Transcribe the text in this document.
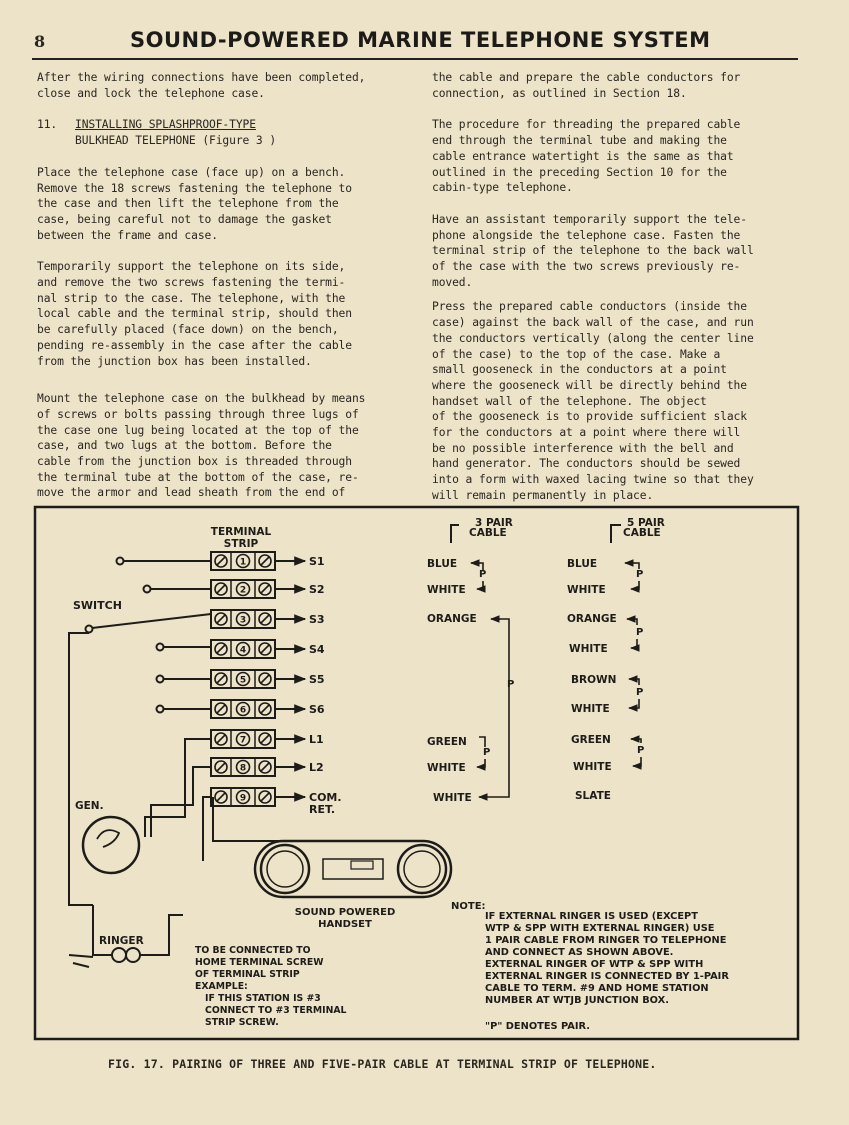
8	SOUND-POWERED MARINE TELEPHONE SYSTEM

After the wiring connections have been completed,

close and lock the telephone case.

11. INSTALLING SPLASHPROOF-TYPE

BULKHEAD TELEPHONE (Figure 3 )

Place the telephone case (face up) on a bench.

Remove the 18 screws fastening the telephone to

the case and then lift the telephone from the

case, being careful not to damage the gasket

between the frame and case.

Temporarily support the telephone on its side,

and remove the two screws fastening the termi-

nal strip to the case. The telephone, with the

local cable and the terminal strip, should then

be carefully placed (face down) on the bench,

pending re-assembly in the case after the cable

from the junction box has been installed.

Mount the telephone case on the bulkhead by means

of screws or bolts passing through three lugs of

the case one lug being located at the top of the

case, and two lugs at the bottom. Before the

cable from the junction box is threaded through

the terminal tube at the bottom of the case, re-

move the armor and lead sheath from the end of

the cable and prepare the cable conductors for

connection, as outlined in Section 18.

The procedure for threading the prepared cable

end through the terminal tube and making the

cable entrance watertight is the same as that

outlined in the preceding Section 10 for the

cabin-type telephone.

Have an assistant temporarily support the tele-

phone alongside the telephone case. Fasten the

terminal strip of the telephone to the back wall

of the case with the two screws previously re-

moved.

Press the prepared cable conductors (inside the

case) against the back wall of the case, and run

the conductors vertically (along the center line

of the case) to the top of the case. Make a

small gooseneck in the conductors at a point

where the gooseneck will be directly behind the

handset wall of the telephone. The object

of the gooseneck is to provide sufficient slack

for the conductors at a point where there will

be no possible interference with the bell and

hand generator. The conductors should be sewed

into a form with waxed lacing twine so that they

will remain permanently in place.

TERMINAL
STRIP
1	S1
2	S2
3	S3
4	S4
5	S5
6	S6
7	L1
8	L2
9	COM.
RET.
GEN.
SWITCH
RINGER
SOUND POWERED
HANDSET
TO BE CONNECTED TO
HOME TERMINAL SCREW
OF TERMINAL STRIP
EXAMPLE:
IF THIS STATION IS #3
CONNECT TO #3 TERMINAL
STRIP SCREW.
3 PAIR
CABLE
BLUE
WHITE
ORANGE
GREEN
WHITE
WHITE
P
P
P
5 PAIR
CABLE
BLUE
WHITE
ORANGE
WHITE
BROWN
WHITE
GREEN
WHITE
SLATE
P
P
P
P
NOTE:
IF EXTERNAL RINGER IS USED (EXCEPT
WTP & SPP WITH EXTERNAL RINGER) USE
1 PAIR CABLE FROM RINGER TO TELEPHONE
AND CONNECT AS SHOWN ABOVE.
EXTERNAL RINGER OF WTP & SPP WITH
EXTERNAL RINGER IS CONNECTED BY 1-PAIR
CABLE TO TERM. #9 AND HOME STATION
NUMBER AT WTJB JUNCTION BOX.
"P" DENOTES PAIR.
FIG. 17. PAIRING OF THREE AND FIVE-PAIR CABLE AT TERMINAL STRIP OF TELEPHONE.
